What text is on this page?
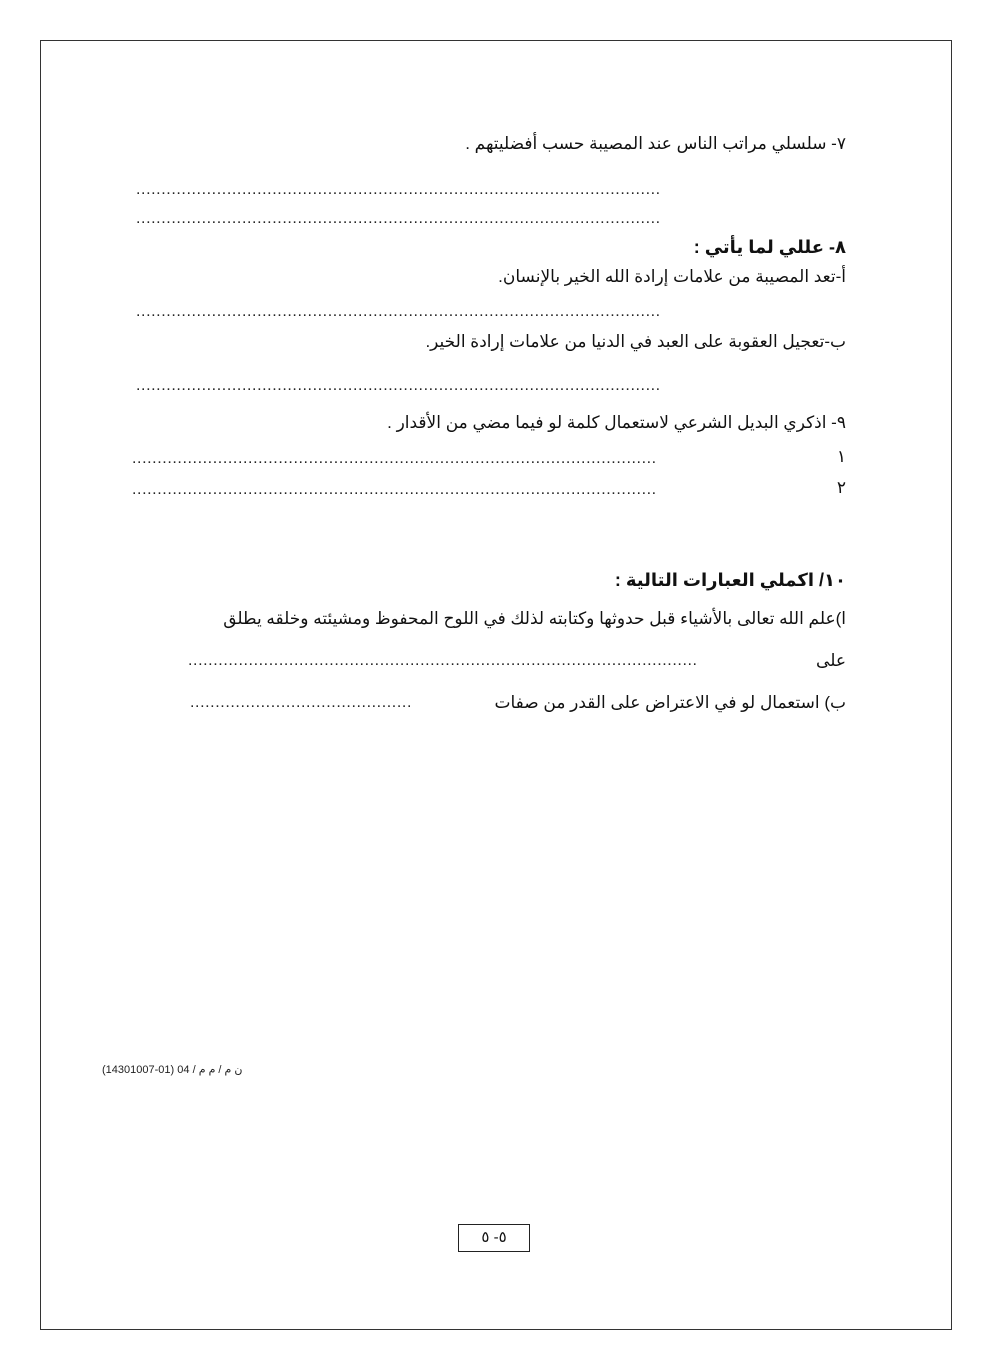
٧- سلسلي مراتب الناس عند المصيبة حسب أفضليتهم .
........................................................................................................
........................................................................................................
٨- عللي لما يأتي :
أ-تعد المصيبة من علامات إرادة الله الخير بالإنسان.
........................................................................................................
ب-تعجيل العقوبة على العبد في الدنيا من علامات إرادة الخير.
........................................................................................................
٩- اذكري البديل الشرعي لاستعمال كلمة لو فيما مضي من الأقدار .
١
........................................................................................................
٢
........................................................................................................
١٠/ اكملي العبارات التالية :
ا)علم الله تعالى بالأشياء قبل حدوثها وكتابته لذلك في اللوح المحفوظ ومشيئته وخلقه يطلق
على
.....................................................................................................
ب) استعمال لو في الاعتراض على القدر من صفات
............................................
ن م / م م / 04 (01-14301007)
٥- ٥
